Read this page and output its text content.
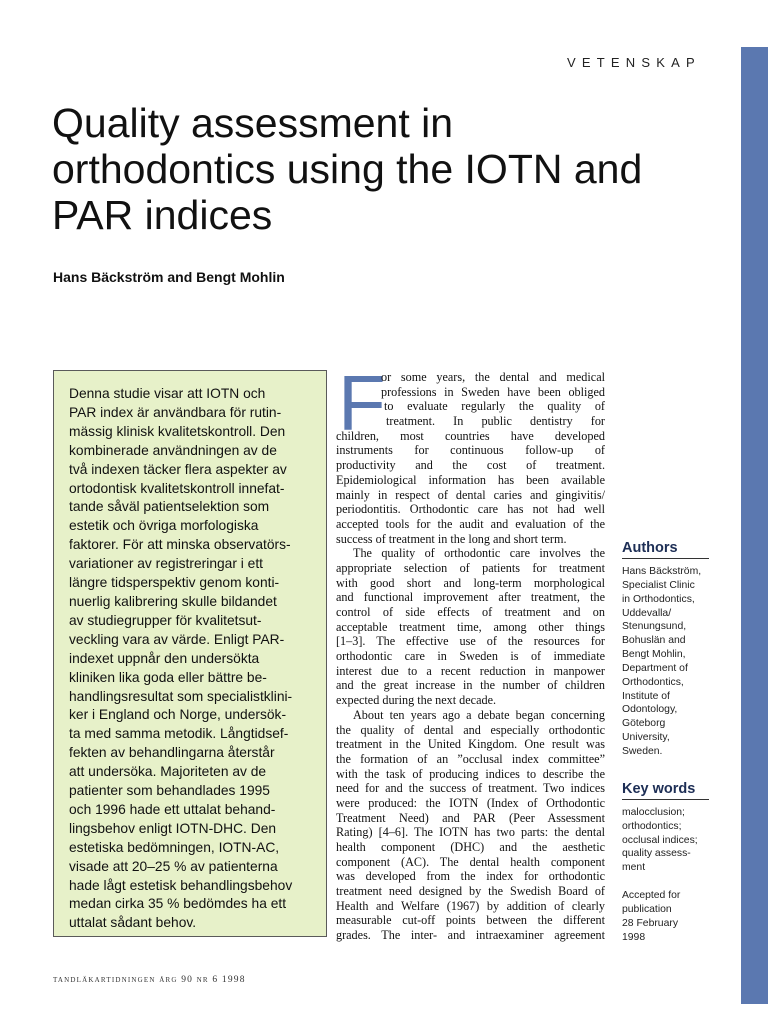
VETENSKAP
Quality assessment in orthodontics using the IOTN and PAR indices
Hans Bäckström and Bengt Mohlin

Denna studie visar att IOTN och
PAR index är användbara för rutin-
mässig klinisk kvalitetskontroll. Den
kombinerade användningen av de
två indexen täcker flera aspekter av
ortodontisk kvalitetskontroll innefat-
tande såväl patientselektion som
estetik och övriga morfologiska
faktorer. För att minska observatörs-
variationer av registreringar i ett
längre tidsperspektiv genom konti-
nuerlig kalibrering skulle bildandet
av studiegrupper för kvalitetsut-
veckling vara av värde. Enligt PAR-
indexet uppnår den undersökta
kliniken lika goda eller bättre be-
handlingsresultat som specialistklini-
ker i England och Norge, undersök-
ta med samma metodik. Långtidsef-
fekten av behandlingarna återstår
att undersöka. Majoriteten av de
patienter som behandlades 1995
och 1996 hade ett uttalat behand-
lingsbehov enligt IOTN-DHC. Den
estetiska bedömningen, IOTN-AC,
visade att 20–25 % av patienterna
hade lågt estetisk behandlingsbehov
medan cirka 35 % bedömdes ha ett
uttalat sådant behov.

F
or some years, the dental and medical
professions in Sweden have been obliged
to evaluate regularly the quality of
treatment. In public dentistry for
children, most countries have developed
instruments for continuous follow-up of
productivity and the cost of treatment.
Epidemiological information has been available
mainly in respect of dental caries and gingivitis/
periodontitis. Orthodontic care has not had well
accepted tools for the audit and evaluation of the
success of treatment in the long and short term.
The quality of orthodontic care involves the
appropriate selection of patients for treatment
with good short and long-term morphological
and functional improvement after treatment, the
control of side effects of treatment and on
acceptable treatment time, among other things
[1–3]. The effective use of the resources for
orthodontic care in Sweden is of immediate
interest due to a recent reduction in manpower
and the great increase in the number of children
expected during the next decade.
About ten years ago a debate began concerning
the quality of dental and especially orthodontic
treatment in the United Kingdom. One result was
the formation of an ”occlusal index committee”
with the task of producing indices to describe the
need for and the success of treatment. Two indices
were produced: the IOTN (Index of Orthodontic
Treatment Need) and PAR (Peer Assessment
Rating) [4–6]. The IOTN has two parts: the dental
health component (DHC) and the aesthetic
component (AC). The dental health component
was developed from the index for orthodontic
treatment need designed by the Swedish Board of
Health and Welfare (1967) by addition of clearly
measurable cut-off points between the different
grades. The inter- and intraexaminer agreement
Authors
Hans Bäckström,
Specialist Clinic
in Orthodontics,
Uddevalla/
Stenungsund,
Bohuslän and
Bengt Mohlin,
Department of
Orthodontics,
Institute of
Odontology,
Göteborg
University,
Sweden.
Key words
malocclusion;
orthodontics;
occlusal indices;
quality assess-
ment
Accepted for
publication
28 February
1998
tandläkartidningen årg 90 nr 6 1998
